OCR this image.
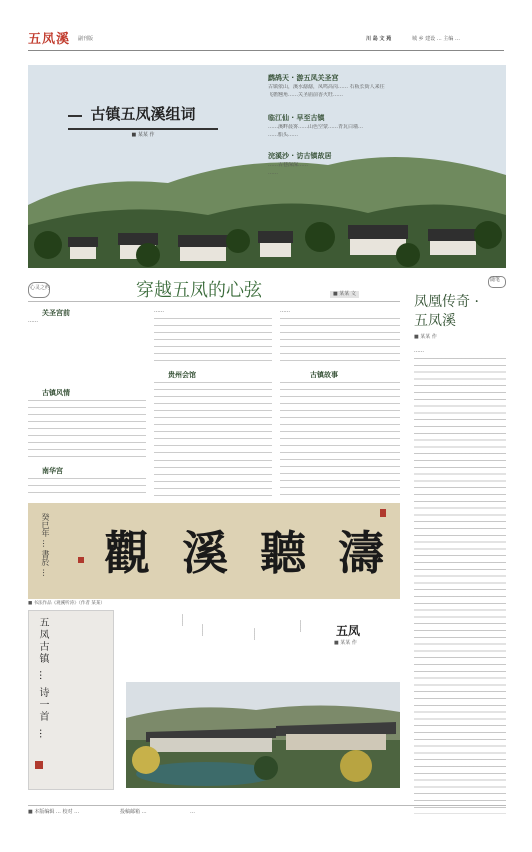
五凤溪	副刊版	川 岛 文 苑	城 乡 建设 … 主编 …
古镇五凤溪组词
■ 某某 作
鹧鸪天 · 游五凤关圣宫
古镇依山，溪水潺潺，凤鸣高岗…… 石板长街人来往
飞檐翘角……关圣庙前香火旺……
临江仙 · 早至古镇
……溪畔晨雾……山色空蒙……青瓦白墙…
……船头……
浣溪沙 · 访古镇故居
……古巷深深……
……
心灵之约	穿越五凤的心弦	■ 某某 文
关圣宫前
……
古镇风情
南华宫
……
贵州会馆
……
古镇故事
随笔
凤凰传奇 ·
五凤溪
■ 某某 作
……
觀 溪 聽 濤
癸巳年 … 書於 …
■ 书法作品《观溪听涛》（作者 某某）
五凤古镇 … 诗一首 …	……
……	……
……	五凤
■ 某某 作
■ 本版编辑 … 校对 …	投稿邮箱 …	…
